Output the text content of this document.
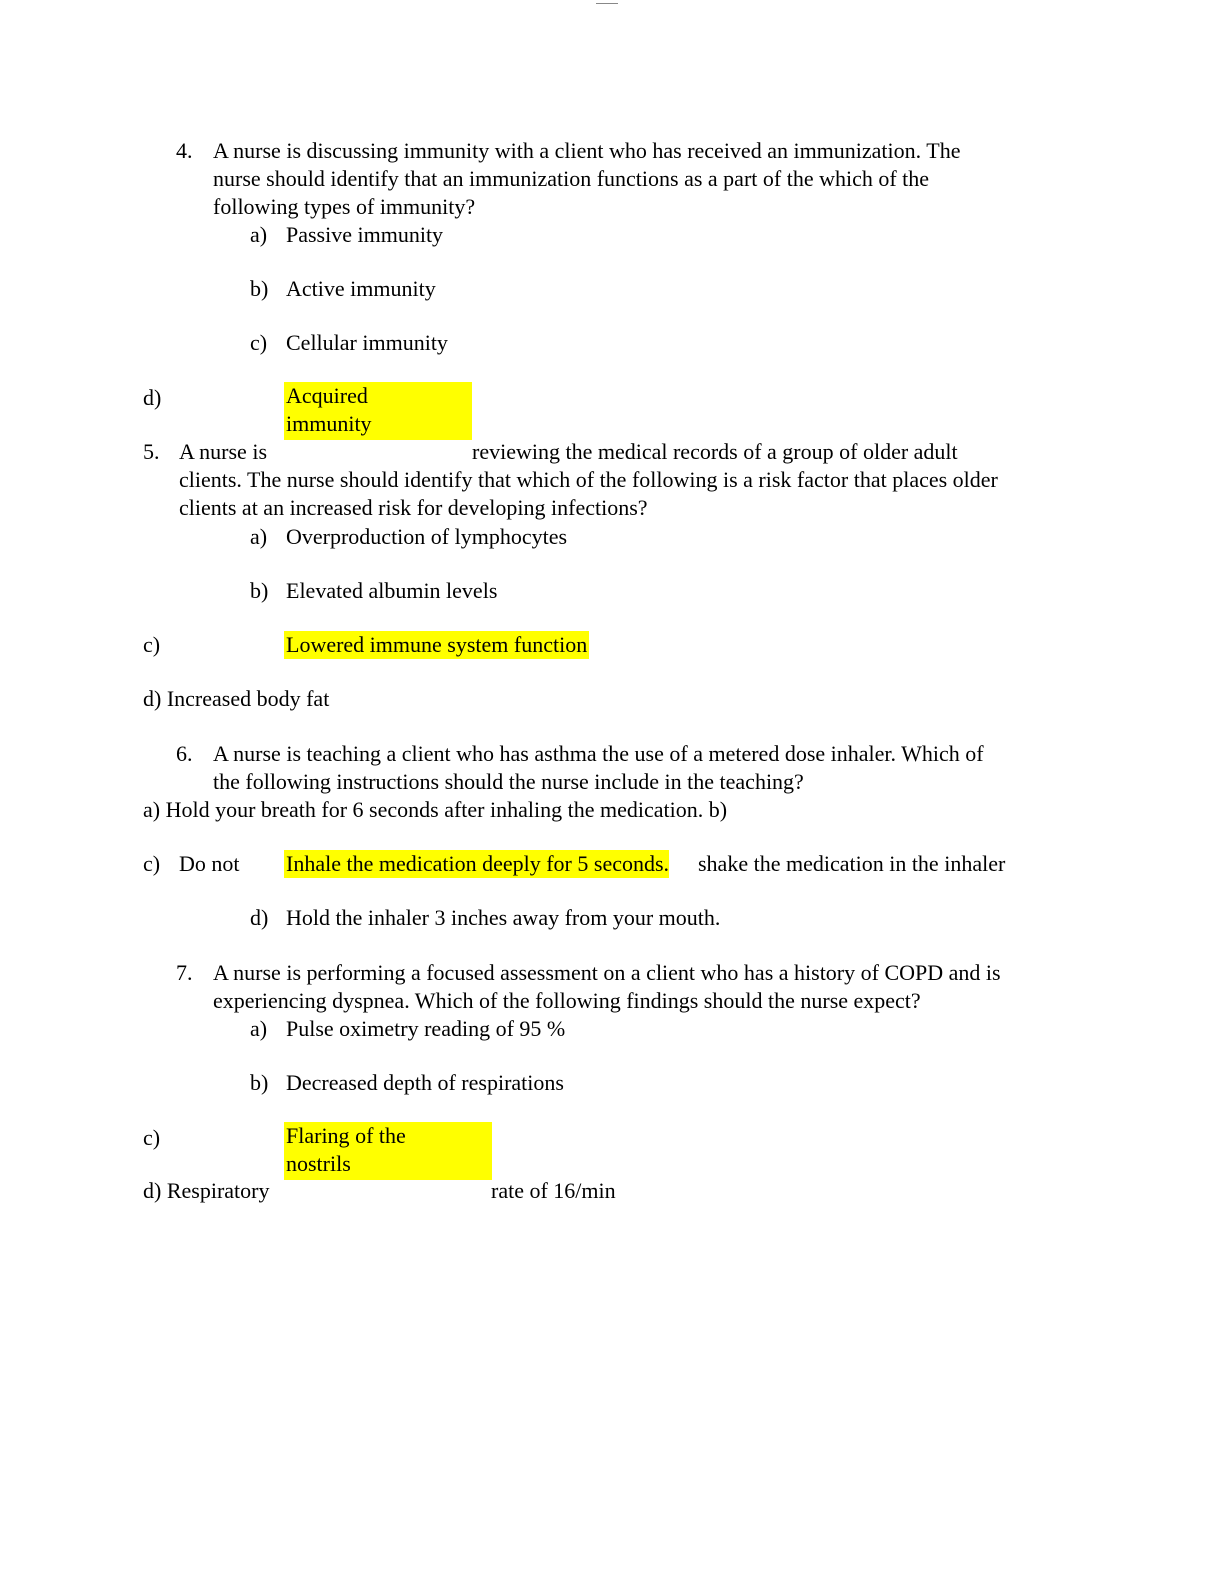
4. A nurse is discussing immunity with a client who has received an immunization. The
nurse should identify that an immunization functions as a part of the which of the
following types of immunity?
a) Passive immunity
b) Active immunity
c) Cellular immunity
d)	Acquired
immunity
5. A nurse is	reviewing the medical records of a group of older adult
clients. The nurse should identify that which of the following is a risk factor that places older
clients at an increased risk for developing infections?
a) Overproduction of lymphocytes
b) Elevated albumin levels
c)	Lowered immune system function
d) Increased body fat
6. A nurse is teaching a client who has asthma the use of a metered dose inhaler. Which of
the following instructions should the nurse include in the teaching?
a) Hold your breath for 6 seconds after inhaling the medication. b)
c) Do not Inhale the medication deeply for 5 seconds. shake the medication in the inhaler
d) Hold the inhaler 3 inches away from your mouth.
7. A nurse is performing a focused assessment on a client who has a history of COPD and is
experiencing dyspnea. Which of the following findings should the nurse expect?
a) Pulse oximetry reading of 95 %
b) Decreased depth of respirations
c)	Flaring of the
nostrils
d) Respiratory	rate of 16/min
